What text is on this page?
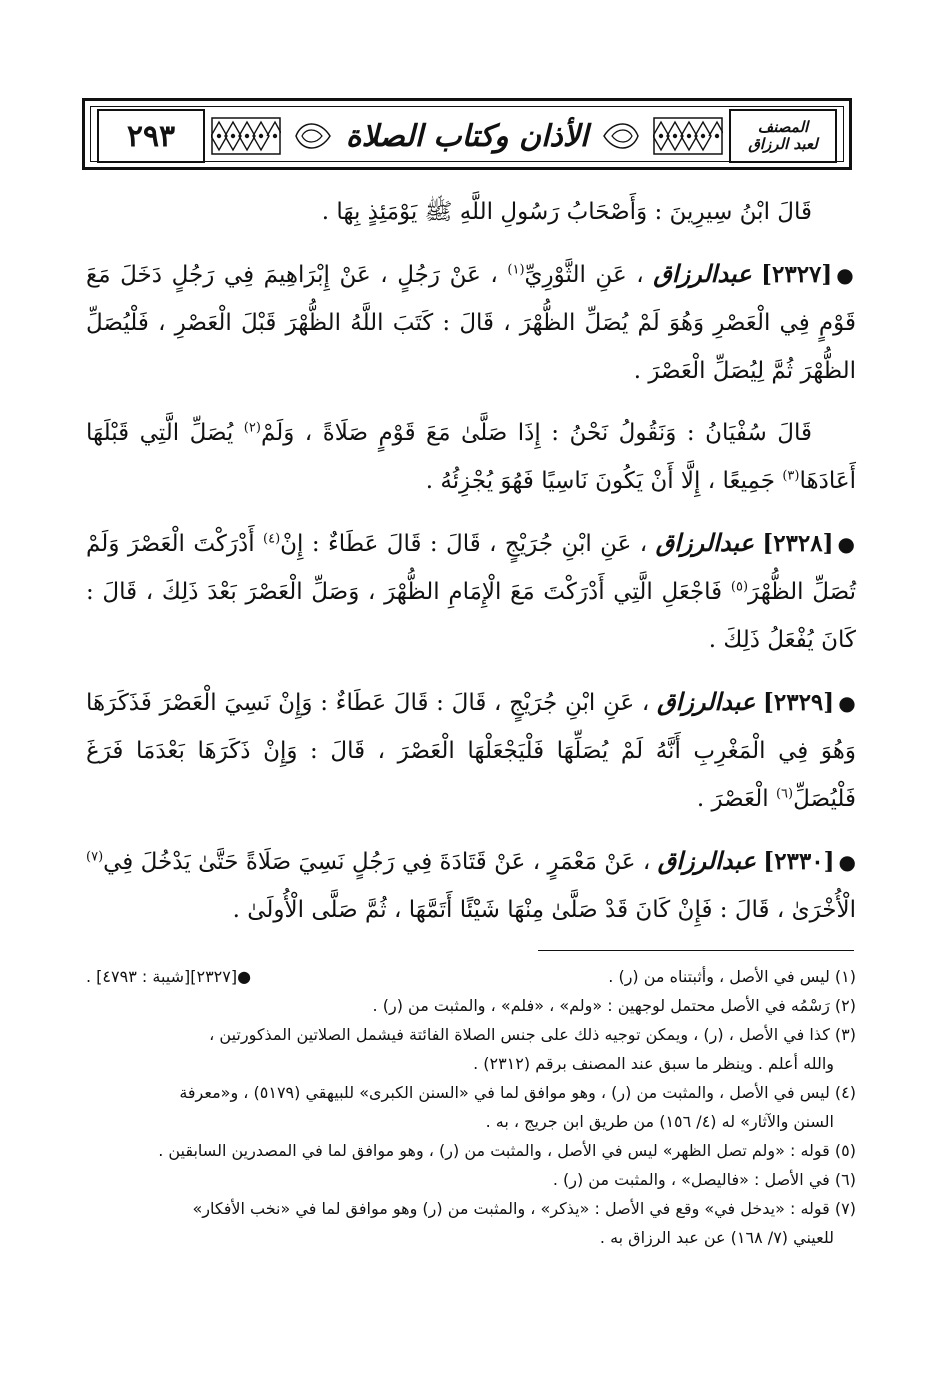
٢٩٣	الأذان وكتاب الصلاة	المصنف
لعبد الرزاق

قَالَ ابْنُ سِيرِينَ : وَأَصْحَابُ رَسُولِ اللَّهِ ﷺ يَوْمَئِذٍ بِهَا .

●[٢٣٢٧] عبدالرزاق ، عَنِ الثَّوْرِيِّ$^{(١)}$ ، عَنْ رَجُلٍ ، عَنْ إِبْرَاهِيمَ فِي رَجُلٍ دَخَلَ مَعَ قَوْمٍ فِي الْعَصْرِ وَهُوَ لَمْ يُصَلِّ الظُّهْرَ ، قَالَ : كَتَبَ اللَّهُ الظُّهْرَ قَبْلَ الْعَصْرِ ، فَلْيُصَلِّ الظُّهْرَ ثُمَّ لِيُصَلِّ الْعَصْرَ .

قَالَ سُفْيَانُ : وَنَقُولُ نَحْنُ : إِذَا صَلَّىٰ مَعَ قَوْمٍ صَلَاةً ، وَلَمْ$^{(٢)}$ يُصَلِّ الَّتِي قَبْلَهَا أَعَادَهَا$^{(٣)}$ جَمِيعًا ، إِلَّا أَنْ يَكُونَ نَاسِيًا فَهُوَ يُجْزِئُهُ .

●[٢٣٢٨] عبدالرزاق ، عَنِ ابْنِ جُرَيْجٍ ، قَالَ : قَالَ عَطَاءٌ : إِنْ$^{(٤)}$ أَدْرَكْتَ الْعَصْرَ وَلَمْ تُصَلِّ الظُّهْرَ$^{(٥)}$ فَاجْعَلِ الَّتِي أَدْرَكْتَ مَعَ الْإِمَامِ الظُّهْرَ ، وَصَلِّ الْعَصْرَ بَعْدَ ذَلِكَ ، قَالَ : كَانَ يُفْعَلُ ذَلِكَ .

●[٢٣٢٩] عبدالرزاق ، عَنِ ابْنِ جُرَيْجٍ ، قَالَ : قَالَ عَطَاءٌ : وَإِنْ نَسِيَ الْعَصْرَ فَذَكَرَهَا وَهُوَ فِي الْمَغْرِبِ أَنَّهُ لَمْ يُصَلِّهَا فَلْيَجْعَلْهَا الْعَصْرَ ، قَالَ : وَإِنْ ذَكَرَهَا بَعْدَمَا فَرَغَ فَلْيُصَلِّ$^{(٦)}$ الْعَصْرَ .

●[٢٣٣٠] عبدالرزاق ، عَنْ مَعْمَرٍ ، عَنْ قَتَادَةَ فِي رَجُلٍ نَسِيَ صَلَاةً حَتَّىٰ يَدْخُلَ فِي$^{(٧)}$ الْأُخْرَىٰ ، قَالَ : فَإِنْ كَانَ قَدْ صَلَّىٰ مِنْهَا شَيْئًا أَتَمَّهَا ، ثُمَّ صَلَّى الْأُولَىٰ .

(١) ليس في الأصل ، وأثبتناه من (ر) .
●[٢٣٢٧][شيبة : ٤٧٩٣] .

(٢) رَسْمُه في الأصل محتمل لوجهين : «ولم» ، «فلم» ، والمثبت من (ر) .

(٣) كذا في الأصل ، (ر) ، ويمكن توجيه ذلك على جنس الصلاة الفائتة فيشمل الصلاتين المذكورتين ،

والله أعلم . وينظر ما سبق عند المصنف برقم (٢٣١٢) .

(٤) ليس في الأصل ، والمثبت من (ر) ، وهو موافق لما في «السنن الكبرى» للبيهقي (٥١٧٩) ، و«معرفة

السنن والآثار» له (٤/ ١٥٦) من طريق ابن جريج ، به .

(٥) قوله : «ولم تصل الظهر» ليس في الأصل ، والمثبت من (ر) ، وهو موافق لما في المصدرين السابقين .

(٦) في الأصل : «فاليصل» ، والمثبت من (ر) .

(٧) قوله : «يدخل في» وقع في الأصل : «يذكر» ، والمثبت من (ر) وهو موافق لما في «نخب الأفكار»

للعيني (٧/ ١٦٨) عن عبد الرزاق به .
